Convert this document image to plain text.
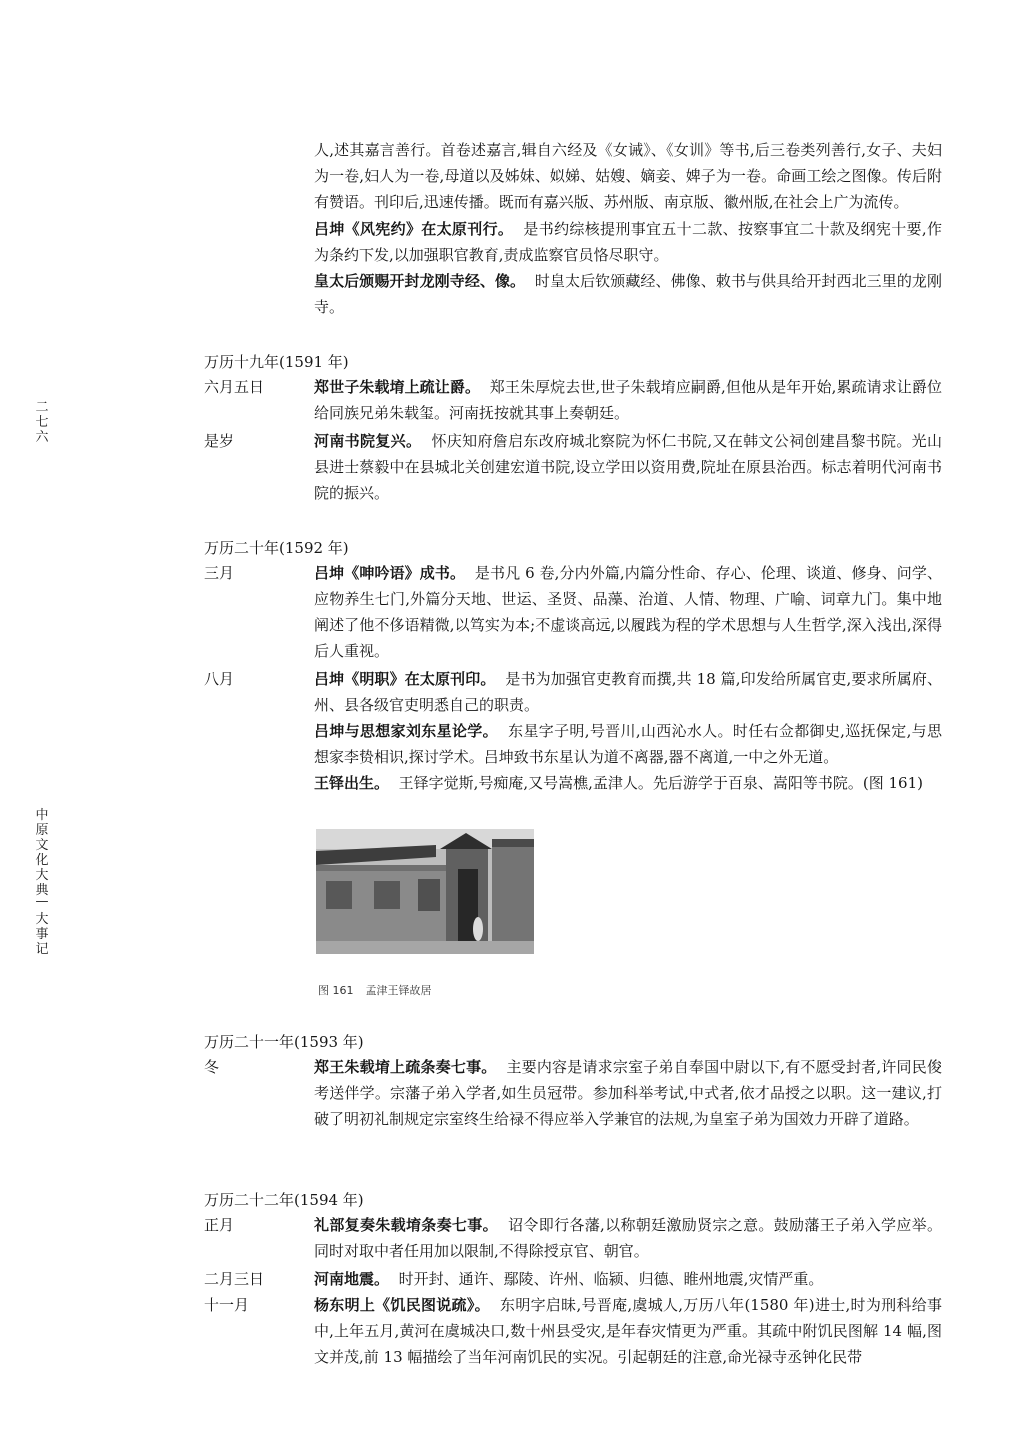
二七六
中原文化大典
—
大事记
人,述其嘉言善行。首卷述嘉言,辑自六经及《女诫》、《女训》等书,后三卷类列善行,女子、夫妇为一卷,妇人为一卷,母道以及姊妹、姒娣、姑嫂、嫡妾、婢子为一卷。命画工绘之图像。传后附有赞语。刊印后,迅速传播。既而有嘉兴版、苏州版、南京版、徽州版,在社会上广为流传。
吕坤《风宪约》在太原刊行。 是书约综核提刑事宜五十二款、按察事宜二十款及纲宪十要,作为条约下发,以加强职官教育,责成监察官员恪尽职守。
皇太后颁赐开封龙刚寺经、像。 时皇太后钦颁藏经、佛像、敕书与供具给开封西北三里的龙刚寺。
万历十九年(1591 年)
六月五日	郑世子朱载堉上疏让爵。 郑王朱厚烷去世,世子朱载堉应嗣爵,但他从是年开始,累疏请求让爵位给同族兄弟朱载玺。河南抚按就其事上奏朝廷。
是岁	河南书院复兴。 怀庆知府詹启东改府城北察院为怀仁书院,又在韩文公祠创建昌黎书院。光山县进士蔡毅中在县城北关创建宏道书院,设立学田以资用费,院址在原县治西。标志着明代河南书院的振兴。
万历二十年(1592 年)
三月	吕坤《呻吟语》成书。 是书凡 6 卷,分内外篇,内篇分性命、存心、伦理、谈道、修身、问学、应物养生七门,外篇分天地、世运、圣贤、品藻、治道、人情、物理、广喻、词章九门。集中地阐述了他不侈语精微,以笃实为本;不虚谈高远,以履践为程的学术思想与人生哲学,深入浅出,深得后人重视。
八月	吕坤《明职》在太原刊印。 是书为加强官吏教育而撰,共 18 篇,印发给所属官吏,要求所属府、州、县各级官吏明悉自己的职责。
吕坤与思想家刘东星论学。 东星字子明,号晋川,山西沁水人。时任右佥都御史,巡抚保定,与思想家李贽相识,探讨学术。吕坤致书东星认为道不离器,器不离道,一中之外无道。
王铎出生。 王铎字觉斯,号痴庵,又号嵩樵,孟津人。先后游学于百泉、嵩阳等书院。(图 161)
图 161 孟津王铎故居
万历二十一年(1593 年)
冬	郑王朱载堉上疏条奏七事。 主要内容是请求宗室子弟自奉国中尉以下,有不愿受封者,许同民俊考送伴学。宗藩子弟入学者,如生员冠带。参加科举考试,中式者,依才品授之以职。这一建议,打破了明初礼制规定宗室终生给禄不得应举入学兼官的法规,为皇室子弟为国效力开辟了道路。
万历二十二年(1594 年)
正月	礼部复奏朱载堉条奏七事。 诏令即行各藩,以称朝廷激励贤宗之意。鼓励藩王子弟入学应举。同时对取中者任用加以限制,不得除授京官、朝官。
二月三日	河南地震。 时开封、通许、鄢陵、许州、临颍、归德、睢州地震,灾情严重。
十一月	杨东明上《饥民图说疏》。 东明字启昧,号晋庵,虞城人,万历八年(1580 年)进士,时为刑科给事中,上年五月,黄河在虞城决口,数十州县受灾,是年春灾情更为严重。其疏中附饥民图解 14 幅,图文并茂,前 13 幅描绘了当年河南饥民的实况。引起朝廷的注意,命光禄寺丞钟化民带
